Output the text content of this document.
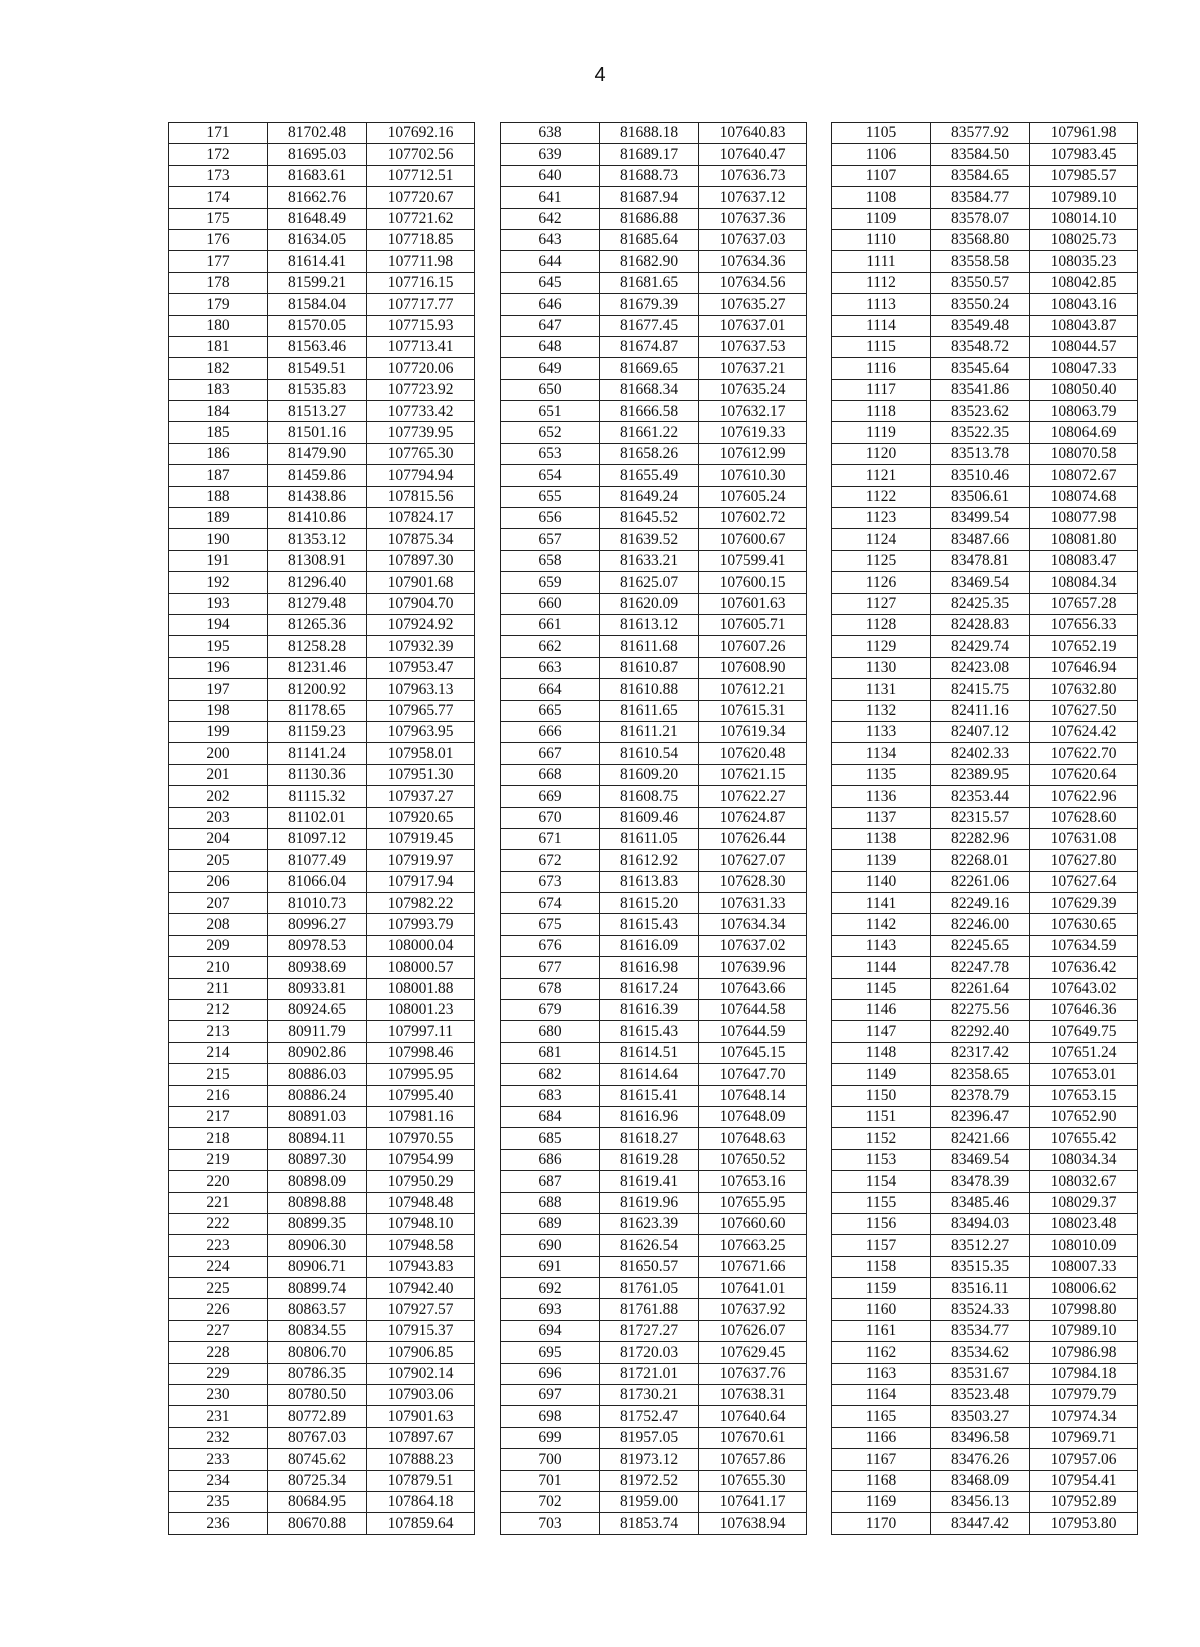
4
171	81702.48	107692.16
172	81695.03	107702.56
173	81683.61	107712.51
174	81662.76	107720.67
175	81648.49	107721.62
176	81634.05	107718.85
177	81614.41	107711.98
178	81599.21	107716.15
179	81584.04	107717.77
180	81570.05	107715.93
181	81563.46	107713.41
182	81549.51	107720.06
183	81535.83	107723.92
184	81513.27	107733.42
185	81501.16	107739.95
186	81479.90	107765.30
187	81459.86	107794.94
188	81438.86	107815.56
189	81410.86	107824.17
190	81353.12	107875.34
191	81308.91	107897.30
192	81296.40	107901.68
193	81279.48	107904.70
194	81265.36	107924.92
195	81258.28	107932.39
196	81231.46	107953.47
197	81200.92	107963.13
198	81178.65	107965.77
199	81159.23	107963.95
200	81141.24	107958.01
201	81130.36	107951.30
202	81115.32	107937.27
203	81102.01	107920.65
204	81097.12	107919.45
205	81077.49	107919.97
206	81066.04	107917.94
207	81010.73	107982.22
208	80996.27	107993.79
209	80978.53	108000.04
210	80938.69	108000.57
211	80933.81	108001.88
212	80924.65	108001.23
213	80911.79	107997.11
214	80902.86	107998.46
215	80886.03	107995.95
216	80886.24	107995.40
217	80891.03	107981.16
218	80894.11	107970.55
219	80897.30	107954.99
220	80898.09	107950.29
221	80898.88	107948.48
222	80899.35	107948.10
223	80906.30	107948.58
224	80906.71	107943.83
225	80899.74	107942.40
226	80863.57	107927.57
227	80834.55	107915.37
228	80806.70	107906.85
229	80786.35	107902.14
230	80780.50	107903.06
231	80772.89	107901.63
232	80767.03	107897.67
233	80745.62	107888.23
234	80725.34	107879.51
235	80684.95	107864.18
236	80670.88	107859.64
638	81688.18	107640.83
639	81689.17	107640.47
640	81688.73	107636.73
641	81687.94	107637.12
642	81686.88	107637.36
643	81685.64	107637.03
644	81682.90	107634.36
645	81681.65	107634.56
646	81679.39	107635.27
647	81677.45	107637.01
648	81674.87	107637.53
649	81669.65	107637.21
650	81668.34	107635.24
651	81666.58	107632.17
652	81661.22	107619.33
653	81658.26	107612.99
654	81655.49	107610.30
655	81649.24	107605.24
656	81645.52	107602.72
657	81639.52	107600.67
658	81633.21	107599.41
659	81625.07	107600.15
660	81620.09	107601.63
661	81613.12	107605.71
662	81611.68	107607.26
663	81610.87	107608.90
664	81610.88	107612.21
665	81611.65	107615.31
666	81611.21	107619.34
667	81610.54	107620.48
668	81609.20	107621.15
669	81608.75	107622.27
670	81609.46	107624.87
671	81611.05	107626.44
672	81612.92	107627.07
673	81613.83	107628.30
674	81615.20	107631.33
675	81615.43	107634.34
676	81616.09	107637.02
677	81616.98	107639.96
678	81617.24	107643.66
679	81616.39	107644.58
680	81615.43	107644.59
681	81614.51	107645.15
682	81614.64	107647.70
683	81615.41	107648.14
684	81616.96	107648.09
685	81618.27	107648.63
686	81619.28	107650.52
687	81619.41	107653.16
688	81619.96	107655.95
689	81623.39	107660.60
690	81626.54	107663.25
691	81650.57	107671.66
692	81761.05	107641.01
693	81761.88	107637.92
694	81727.27	107626.07
695	81720.03	107629.45
696	81721.01	107637.76
697	81730.21	107638.31
698	81752.47	107640.64
699	81957.05	107670.61
700	81973.12	107657.86
701	81972.52	107655.30
702	81959.00	107641.17
703	81853.74	107638.94
1105	83577.92	107961.98
1106	83584.50	107983.45
1107	83584.65	107985.57
1108	83584.77	107989.10
1109	83578.07	108014.10
1110	83568.80	108025.73
1111	83558.58	108035.23
1112	83550.57	108042.85
1113	83550.24	108043.16
1114	83549.48	108043.87
1115	83548.72	108044.57
1116	83545.64	108047.33
1117	83541.86	108050.40
1118	83523.62	108063.79
1119	83522.35	108064.69
1120	83513.78	108070.58
1121	83510.46	108072.67
1122	83506.61	108074.68
1123	83499.54	108077.98
1124	83487.66	108081.80
1125	83478.81	108083.47
1126	83469.54	108084.34
1127	82425.35	107657.28
1128	82428.83	107656.33
1129	82429.74	107652.19
1130	82423.08	107646.94
1131	82415.75	107632.80
1132	82411.16	107627.50
1133	82407.12	107624.42
1134	82402.33	107622.70
1135	82389.95	107620.64
1136	82353.44	107622.96
1137	82315.57	107628.60
1138	82282.96	107631.08
1139	82268.01	107627.80
1140	82261.06	107627.64
1141	82249.16	107629.39
1142	82246.00	107630.65
1143	82245.65	107634.59
1144	82247.78	107636.42
1145	82261.64	107643.02
1146	82275.56	107646.36
1147	82292.40	107649.75
1148	82317.42	107651.24
1149	82358.65	107653.01
1150	82378.79	107653.15
1151	82396.47	107652.90
1152	82421.66	107655.42
1153	83469.54	108034.34
1154	83478.39	108032.67
1155	83485.46	108029.37
1156	83494.03	108023.48
1157	83512.27	108010.09
1158	83515.35	108007.33
1159	83516.11	108006.62
1160	83524.33	107998.80
1161	83534.77	107989.10
1162	83534.62	107986.98
1163	83531.67	107984.18
1164	83523.48	107979.79
1165	83503.27	107974.34
1166	83496.58	107969.71
1167	83476.26	107957.06
1168	83468.09	107954.41
1169	83456.13	107952.89
1170	83447.42	107953.80
